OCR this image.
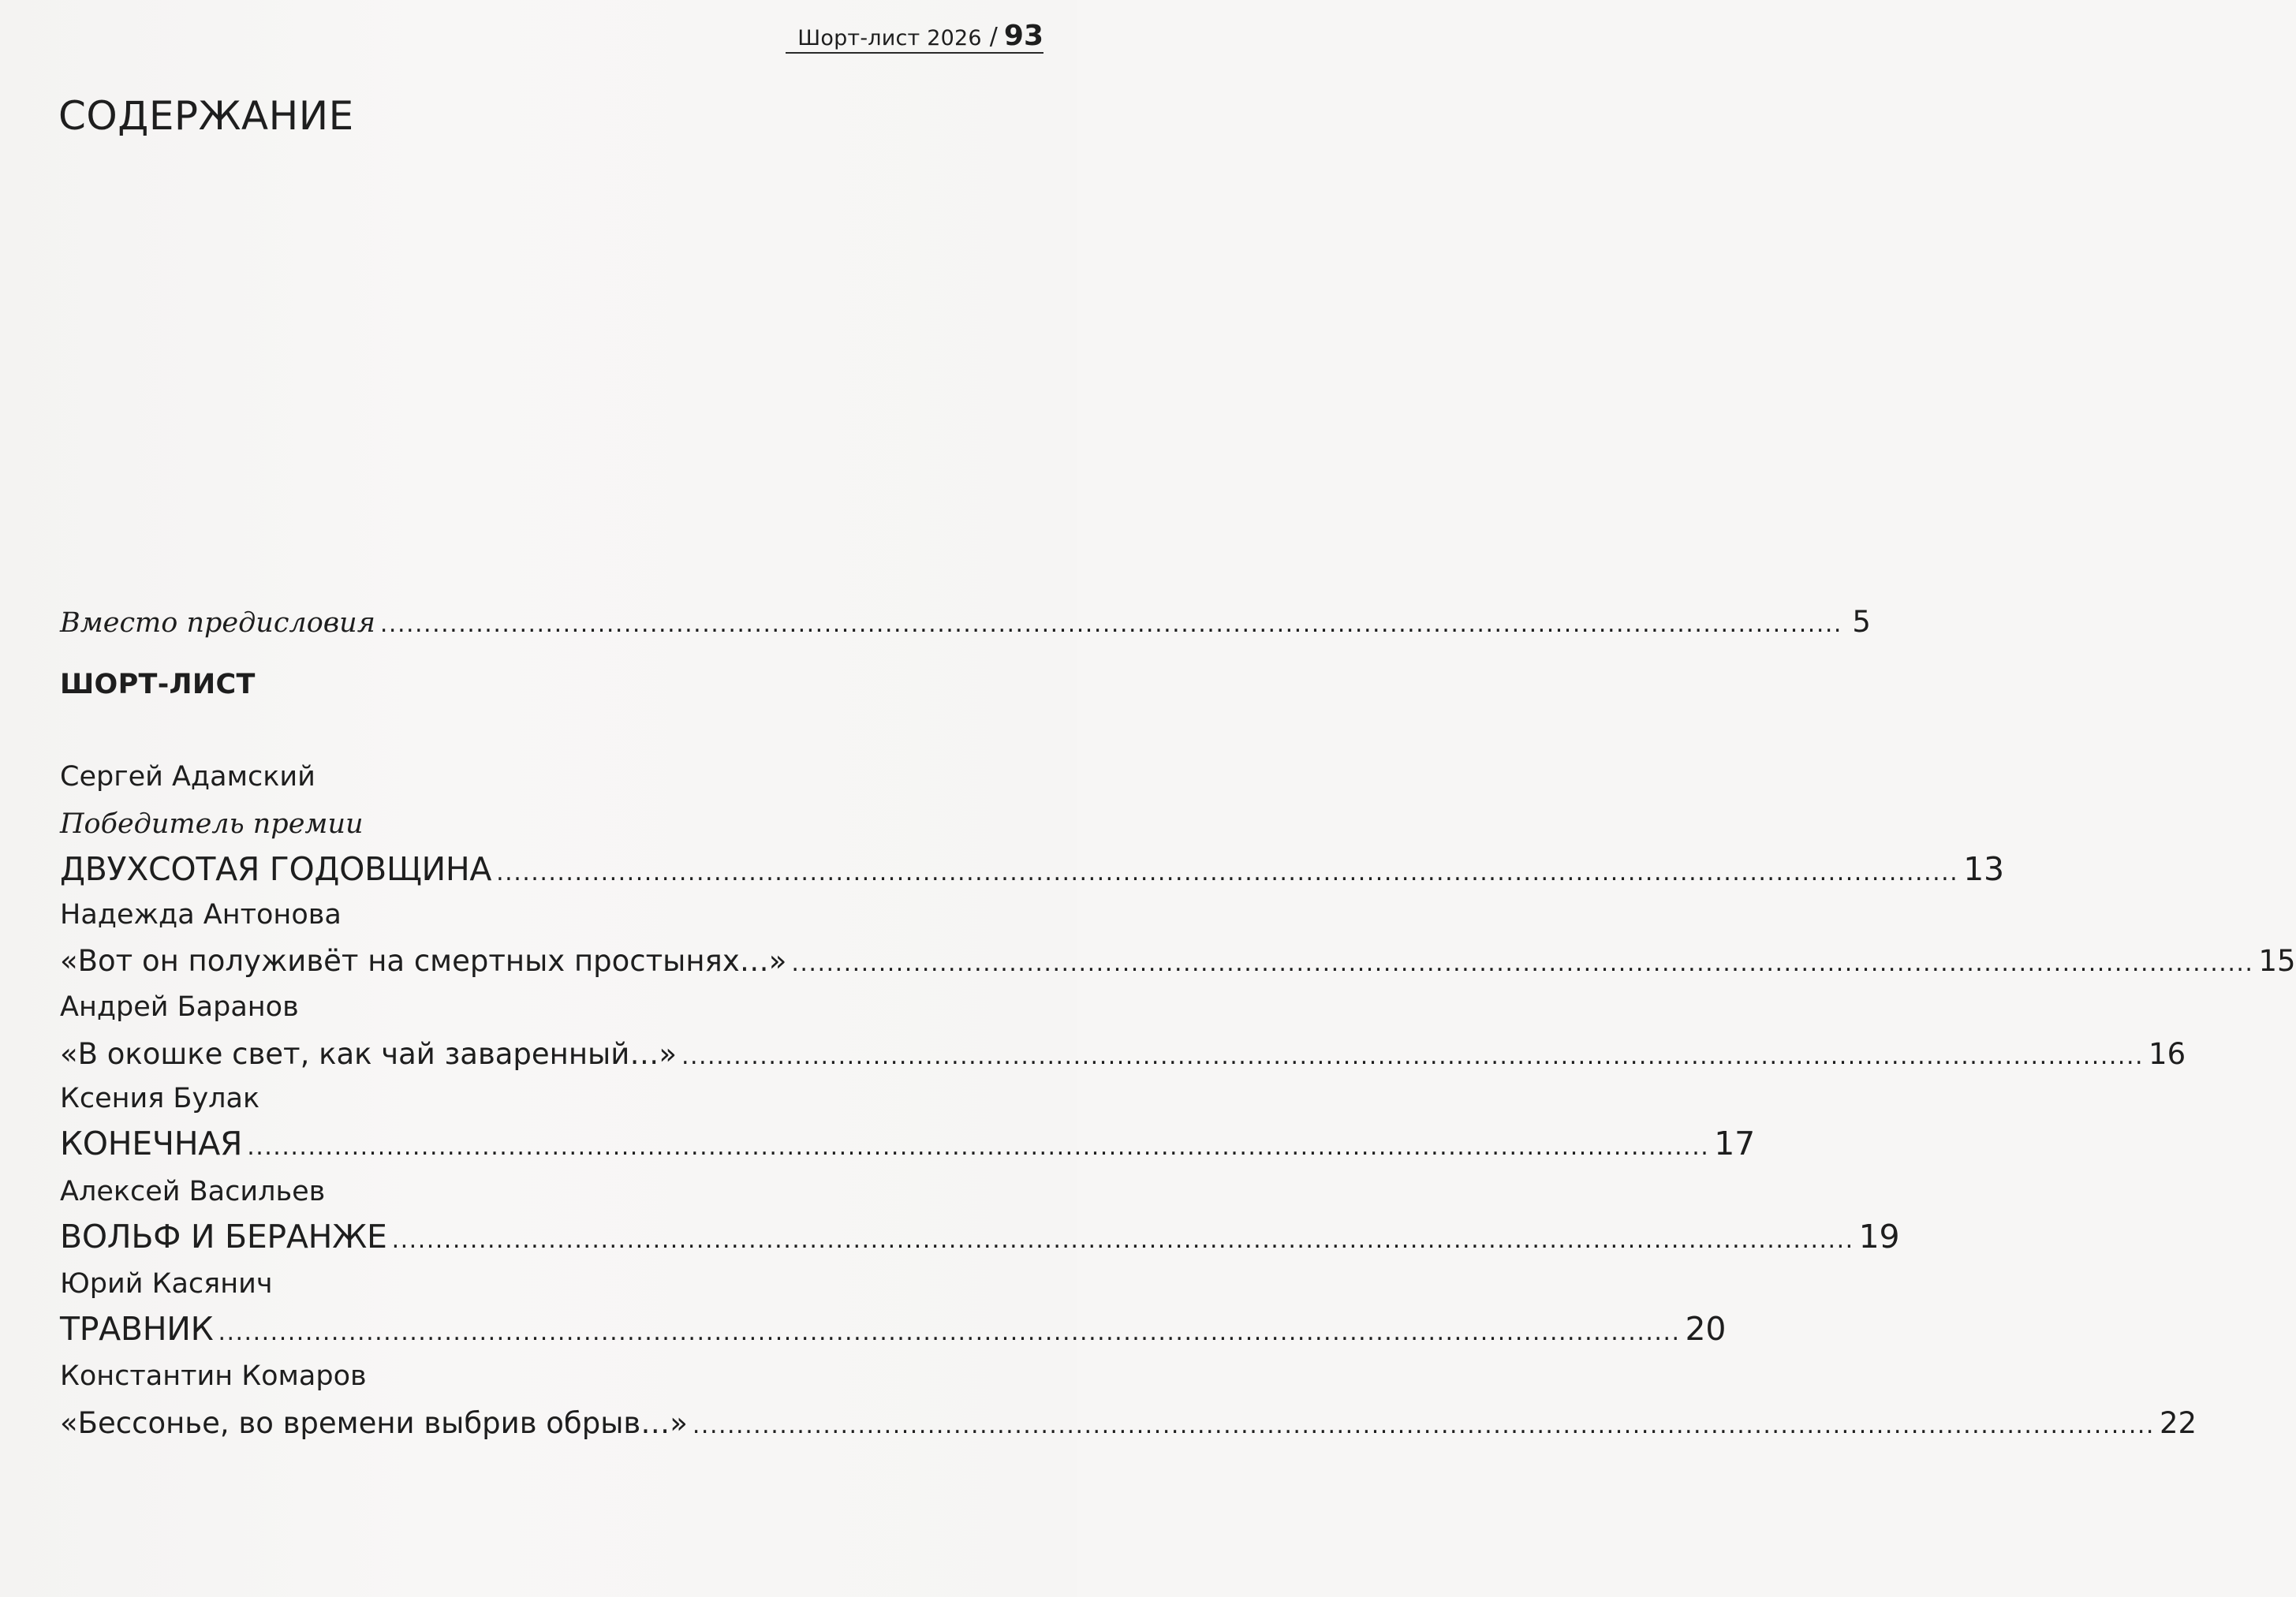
Шорт-лист 2026 / 93
СОДЕРЖАНИЕ
Вместо предисловия ........................................................................................................................................................................ 5
ШОРТ-ЛИСТ
Сергей Адамский
Победитель премии
ДВУХСОТАЯ ГОДОВЩИНА ........................................................................................................................................................................ 13
Надежда Антонова
«Вот он полуживёт на смертных простынях…» ........................................................................................................................................................................ 15
Андрей Баранов
«В окошке свет, как чай заваренный…» ........................................................................................................................................................................ 16
Ксения Булак
КОНЕЧНАЯ ........................................................................................................................................................................ 17
Алексей Васильев
ВОЛЬФ И БЕРАНЖЕ ........................................................................................................................................................................ 19
Юрий Касянич
ТРАВНИК ........................................................................................................................................................................ 20
Константин Комаров
«Бессонье, во времени выбрив обрыв…» ........................................................................................................................................................................ 22
